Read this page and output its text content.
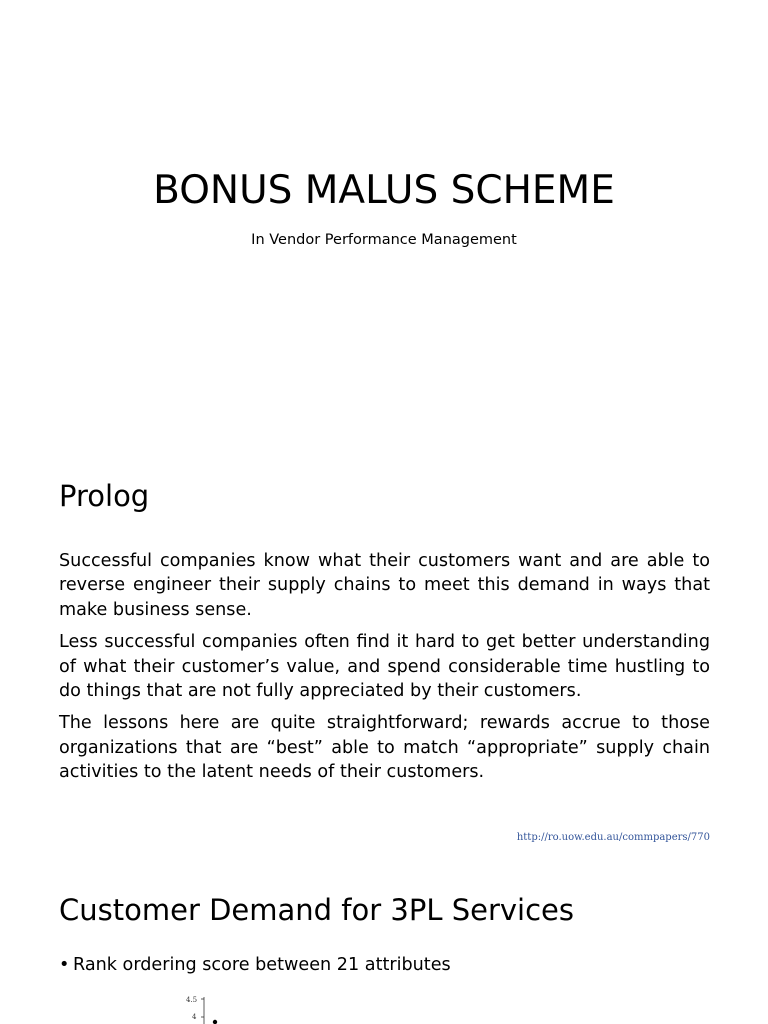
BONUS MALUS SCHEME

In Vendor Performance Management

Prolog

Successful companies know what their customers want and are able to reverse engineer their supply chains to meet this demand in ways that make business sense.

Less successful companies often find it hard to get better understanding of what their customer’s value, and spend considerable time hustling to do things that are not fully appreciated by their customers.

The lessons here are quite straightforward; rewards accrue to those organizations that are “best” able to match “appropriate” supply chain activities to the latent needs of their customers.

http://ro.uow.edu.au/commpapers/770
Customer Demand for 3PL Services
• Rank ordering score between 21 attributes
4.5
4
